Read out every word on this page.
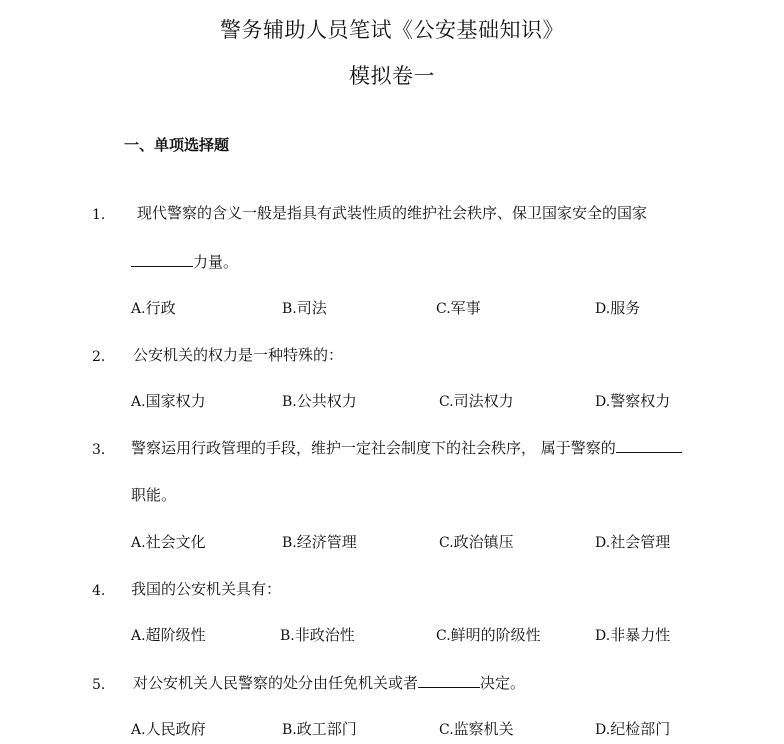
警务辅助人员笔试《公安基础知识》
模拟卷一
一、单项选择题
1． 现代警察的含义一般是指具有武装性质的维护社会秩序、保卫国家安全的国家
力量。
A.行政	B.司法	C.军事	D.服务
2． 公安机关的权力是一种特殊的：
A.国家权力	B.公共权力	C.司法权力	D.警察权力
3． 警察运用行政管理的手段，维护一定社会制度下的社会秩序， 属于警察的
职能。
A.社会文化	B.经济管理	C.政治镇压	D.社会管理
4． 我国的公安机关具有：
A.超阶级性	B.非政治性	C.鲜明的阶级性	D.非暴力性
5． 对公安机关人民警察的处分由任免机关或者	决定。
A.人民政府	B.政工部门	C.监察机关	D.纪检部门
